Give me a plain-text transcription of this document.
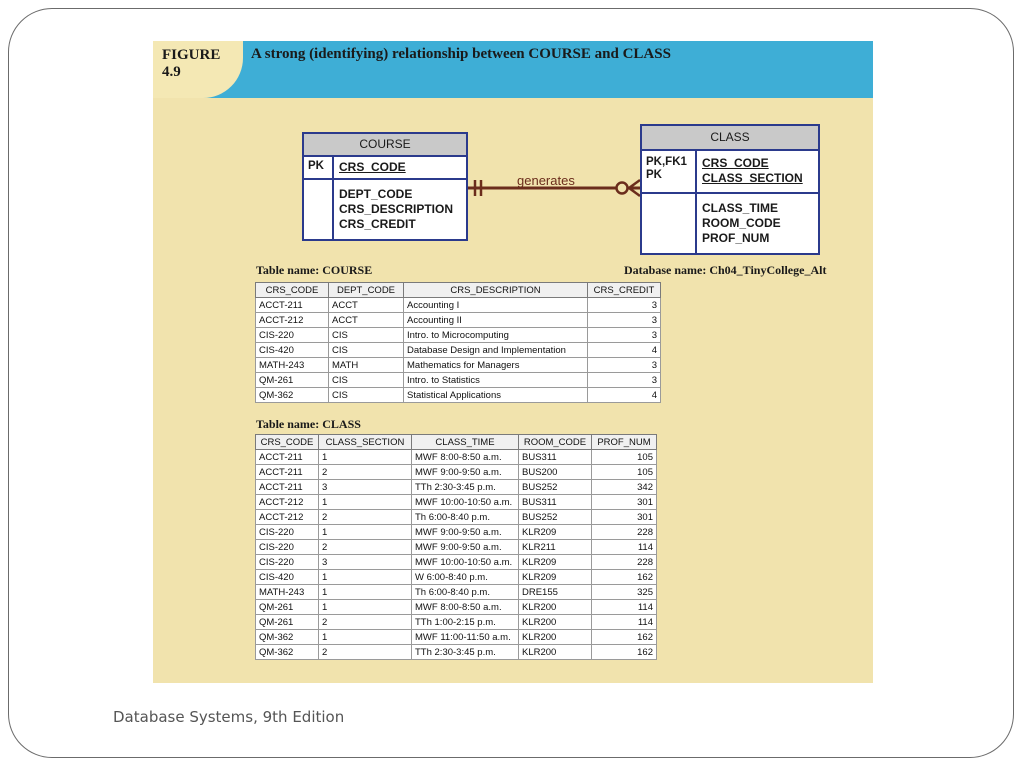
FIGURE 4.9
A strong (identifying) relationship between COURSE and CLASS
generates
COURSE
PK	CRS_CODE
DEPT_CODE
CRS_DESCRIPTION
CRS_CREDIT
CLASS
PK,FK1
PK
CRS_CODE
CLASS_SECTION
CLASS_TIME
ROOM_CODE
PROF_NUM
Table name: COURSE	Database name: Ch04_TinyCollege_Alt
CRS_CODE	DEPT_CODE	CRS_DESCRIPTION	CRS_CREDIT
ACCT-211	ACCT	Accounting I	3
ACCT-212	ACCT	Accounting II	3
CIS-220	CIS	Intro. to Microcomputing	3
CIS-420	CIS	Database Design and Implementation	4
MATH-243	MATH	Mathematics for Managers	3
QM-261	CIS	Intro. to Statistics	3
QM-362	CIS	Statistical Applications	4
Table name: CLASS
CRS_CODE	CLASS_SECTION	CLASS_TIME	ROOM_CODE	PROF_NUM
ACCT-211	1	MWF 8:00-8:50 a.m.	BUS311	105
ACCT-211	2	MWF 9:00-9:50 a.m.	BUS200	105
ACCT-211	3	TTh 2:30-3:45 p.m.	BUS252	342
ACCT-212	1	MWF 10:00-10:50 a.m.	BUS311	301
ACCT-212	2	Th 6:00-8:40 p.m.	BUS252	301
CIS-220	1	MWF 9:00-9:50 a.m.	KLR209	228
CIS-220	2	MWF 9:00-9:50 a.m.	KLR211	114
CIS-220	3	MWF 10:00-10:50 a.m.	KLR209	228
CIS-420	1	W 6:00-8:40 p.m.	KLR209	162
MATH-243	1	Th 6:00-8:40 p.m.	DRE155	325
QM-261	1	MWF 8:00-8:50 a.m.	KLR200	114
QM-261	2	TTh 1:00-2:15 p.m.	KLR200	114
QM-362	1	MWF 11:00-11:50 a.m.	KLR200	162
QM-362	2	TTh 2:30-3:45 p.m.	KLR200	162
Database Systems, 9th Edition
